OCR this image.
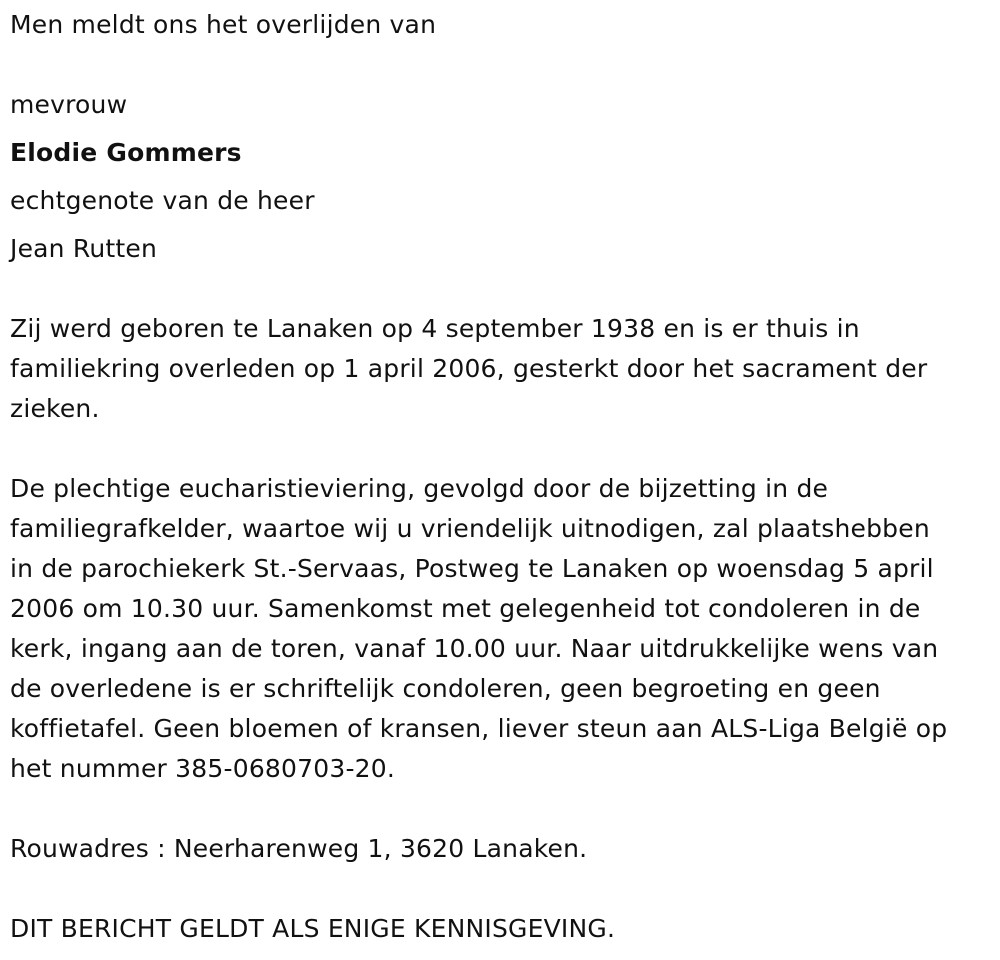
Men meldt ons het overlijden van
mevrouw
Elodie Gommers
echtgenote van de heer
Jean Rutten
Zij werd geboren te Lanaken op 4 september 1938 en is er thuis in
familiekring overleden op 1 april 2006, gesterkt door het sacrament der
zieken.
De plechtige eucharistieviering, gevolgd door de bijzetting in de
familiegrafkelder, waartoe wij u vriendelijk uitnodigen, zal plaatshebben
in de parochiekerk St.-Servaas, Postweg te Lanaken op woensdag 5 april
2006 om 10.30 uur. Samenkomst met gelegenheid tot condoleren in de
kerk, ingang aan de toren, vanaf 10.00 uur. Naar uitdrukkelijke wens van
de overledene is er schriftelijk condoleren, geen begroeting en geen
koffietafel. Geen bloemen of kransen, liever steun aan ALS-Liga België op
het nummer 385-0680703-20.
Rouwadres : Neerharenweg 1, 3620 Lanaken.
DIT BERICHT GELDT ALS ENIGE KENNISGEVING.
